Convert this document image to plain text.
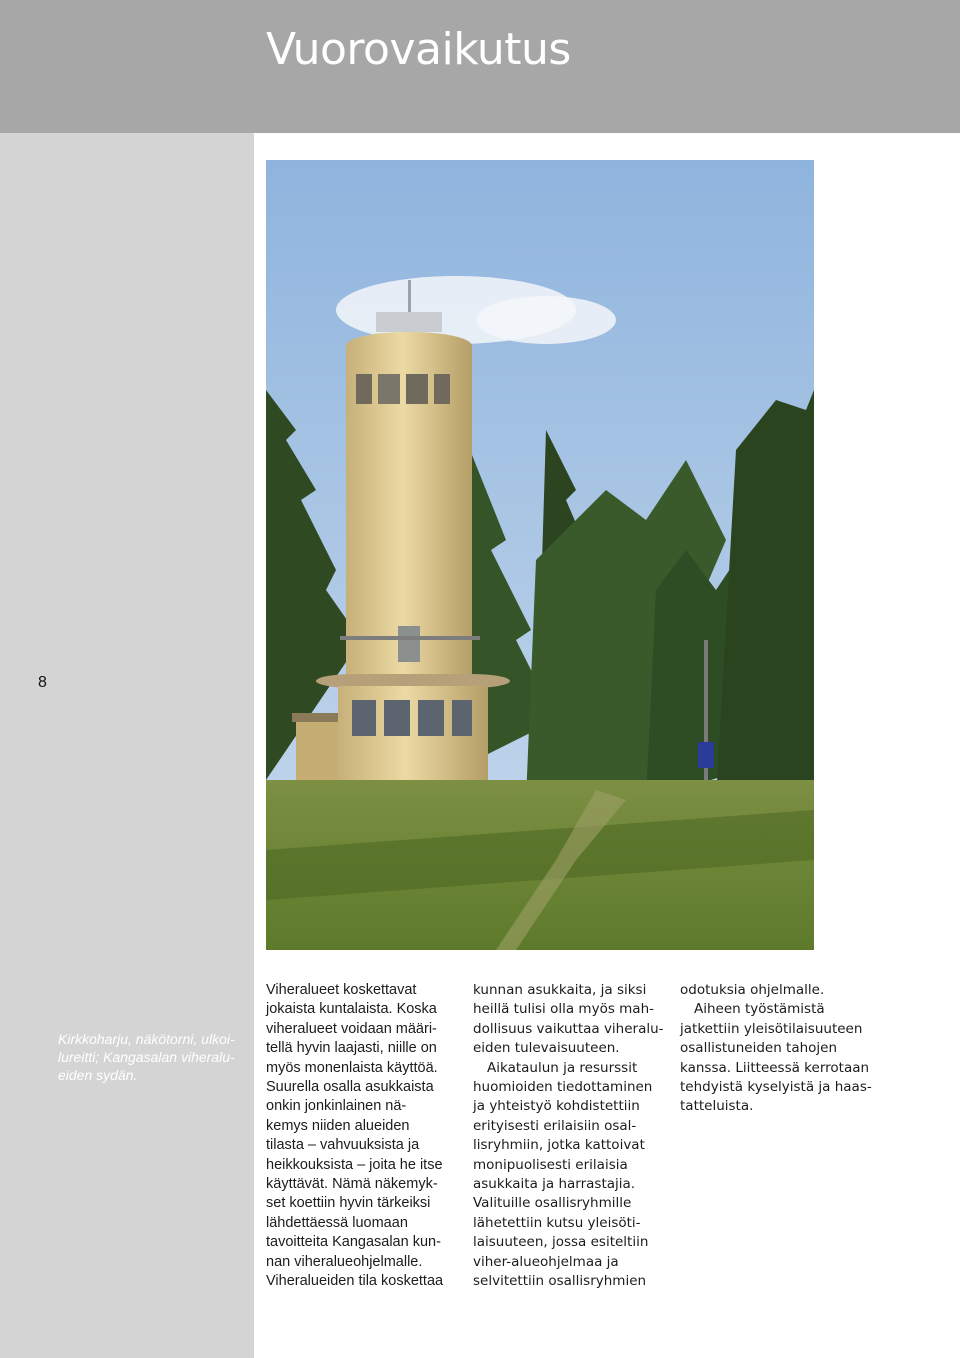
Vuorovaikutus
8
Kirkkoharju, näkötorni, ulkoi-
lureitti; Kangasalan viheralu-
eiden sydän.
Viheralueet koskettavat
jokaista kuntalaista. Koska
viheralueet voidaan määri-
tellä hyvin laajasti, niille on
myös monenlaista käyttöä.
Suurella osalla asukkaista
onkin jonkinlainen nä-
kemys niiden alueiden
tilasta – vahvuuksista ja
heikkouksista – joita he itse
käyttävät. Nämä näkemyk-
set koettiin hyvin tärkeiksi
lähdettäessä luomaan
tavoitteita Kangasalan kun-
nan viheralueohjelmalle.
Viheralueiden tila koskettaa
kunnan asukkaita, ja siksi
heillä tulisi olla myös mah-
dollisuus vaikuttaa viheralu-
eiden tulevaisuuteen.
Aikataulun ja resurssit
huomioiden tiedottaminen
ja yhteistyö kohdistettiin
erityisesti erilaisiin osal-
lisryhmiin, jotka kattoivat
monipuolisesti erilaisia
asukkaita ja harrastajia.
Valituille osallisryhmille
lähetettiin kutsu yleisöti-
laisuuteen, jossa esiteltiin
viher-alueohjelmaa ja
selvitettiin osallisryhmien
odotuksia ohjelmalle.
Aiheen työstämistä
jatkettiin yleisötilaisuuteen
osallistuneiden tahojen
kanssa. Liitteessä kerrotaan
tehdyistä kyselyistä ja haas-
tatteluista.
